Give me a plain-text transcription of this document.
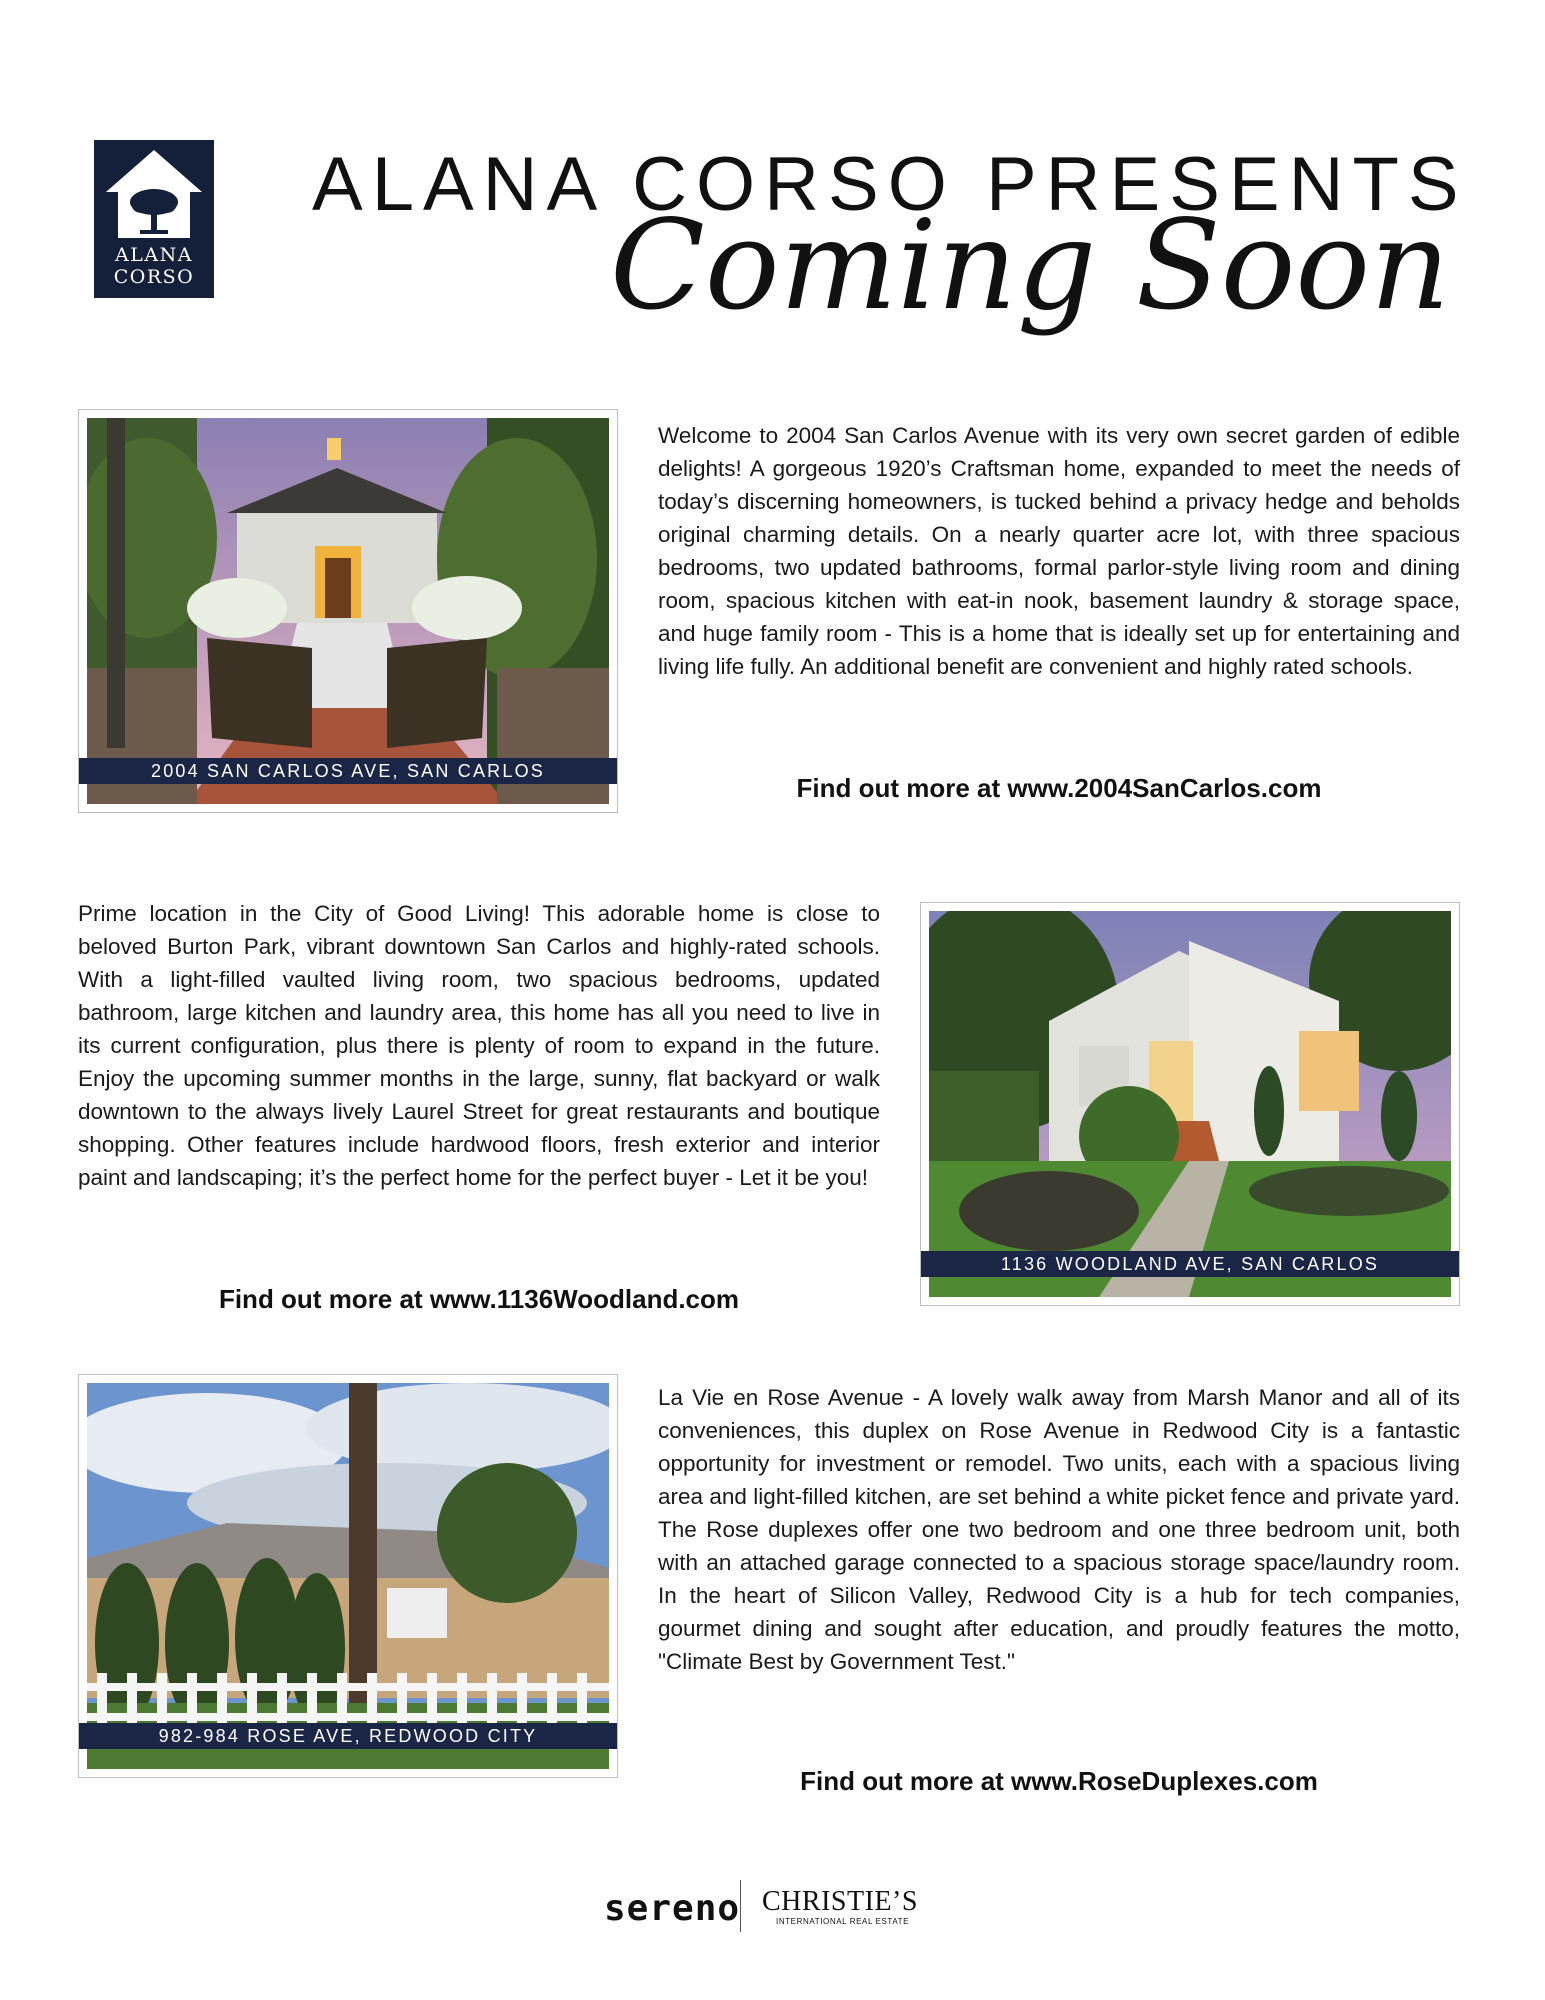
ALANA
CORSO
ALANA CORSO PRESENTS
Coming Soon
2004 SAN CARLOS AVE, SAN CARLOS
Welcome to 2004 San Carlos Avenue with its very own secret garden of edible delights! A gorgeous 1920’s Craftsman home, expanded to meet the needs of today’s discerning homeowners, is tucked behind a privacy hedge and beholds original charming details. On a nearly quarter acre lot, with three spacious bedrooms, two updated bathrooms, formal parlor-style living room and dining room, spacious kitchen with eat-in nook, basement laundry & storage space, and huge family room - This is a home that is ideally set up for entertaining and living life fully. An additional benefit are convenient and highly rated schools.
Find out more at www.2004SanCarlos.com
Prime location in the City of Good Living! This adorable home is close to beloved Burton Park, vibrant downtown San Carlos and highly-rated schools. With a light-filled vaulted living room, two spacious bedrooms, updated bathroom, large kitchen and laundry area, this home has all you need to live in its current configuration, plus there is plenty of room to expand in the future. Enjoy the upcoming summer months in the large, sunny, flat backyard or walk downtown to the always lively Laurel Street for great restaurants and boutique shopping. Other features include hardwood floors, fresh exterior and interior paint and landscaping; it’s the perfect home for the perfect buyer - Let it be you!
Find out more at www.1136Woodland.com
1136 WOODLAND AVE, SAN CARLOS
982-984 ROSE AVE, REDWOOD CITY
La Vie en Rose Avenue - A lovely walk away from Marsh Manor and all of its conveniences, this duplex on Rose Avenue in Redwood City is a fantastic opportunity for investment or remodel. Two units, each with a spacious living area and light-filled kitchen, are set behind a white picket fence and private yard. The Rose duplexes offer one two bedroom and one three bedroom unit, both with an attached garage connected to a spacious storage space/laundry room. In the heart of Silicon Valley, Redwood City is a hub for tech companies, gourmet dining and sought after education, and proudly features the motto, "Climate Best by Government Test."
Find out more at www.RoseDuplexes.com
sereno CHRISTIE’S
INTERNATIONAL REAL ESTATE
